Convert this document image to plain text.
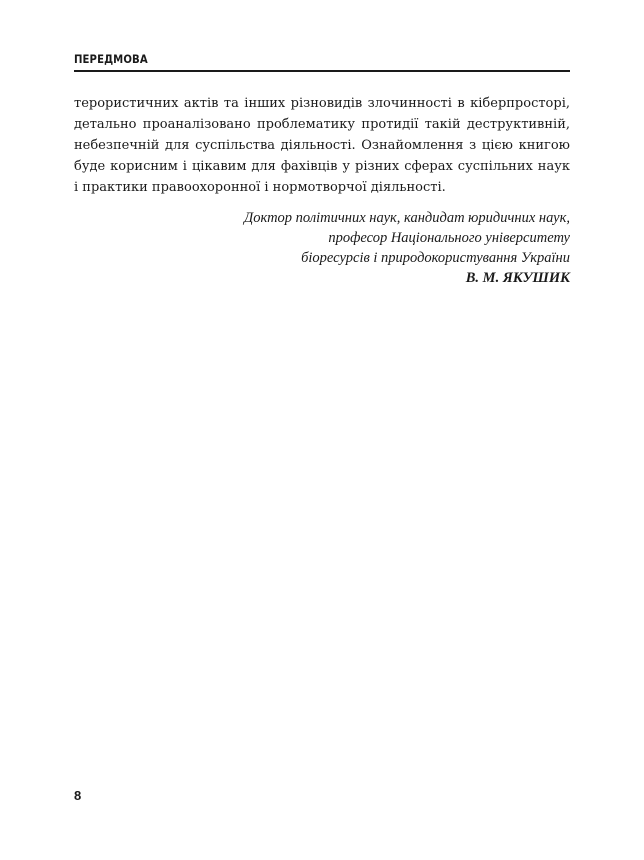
ПЕРЕДМОВА
терористичних актів та інших різновидів злочинності в кіберпросторі,
детально проаналізовано проблематику протидії такій деструктивній,
небезпечній для суспільства діяльності. Ознайомлення з цією книгою
буде корисним і цікавим для фахівців у різних сферах суспільних наук
і практики правоохоронної і нормотворчої діяльності.
Доктор політичних наук, кандидат юридичних наук,
професор Національного університету
біоресурсів і природокористування України
В. М. ЯКУШИК
8
